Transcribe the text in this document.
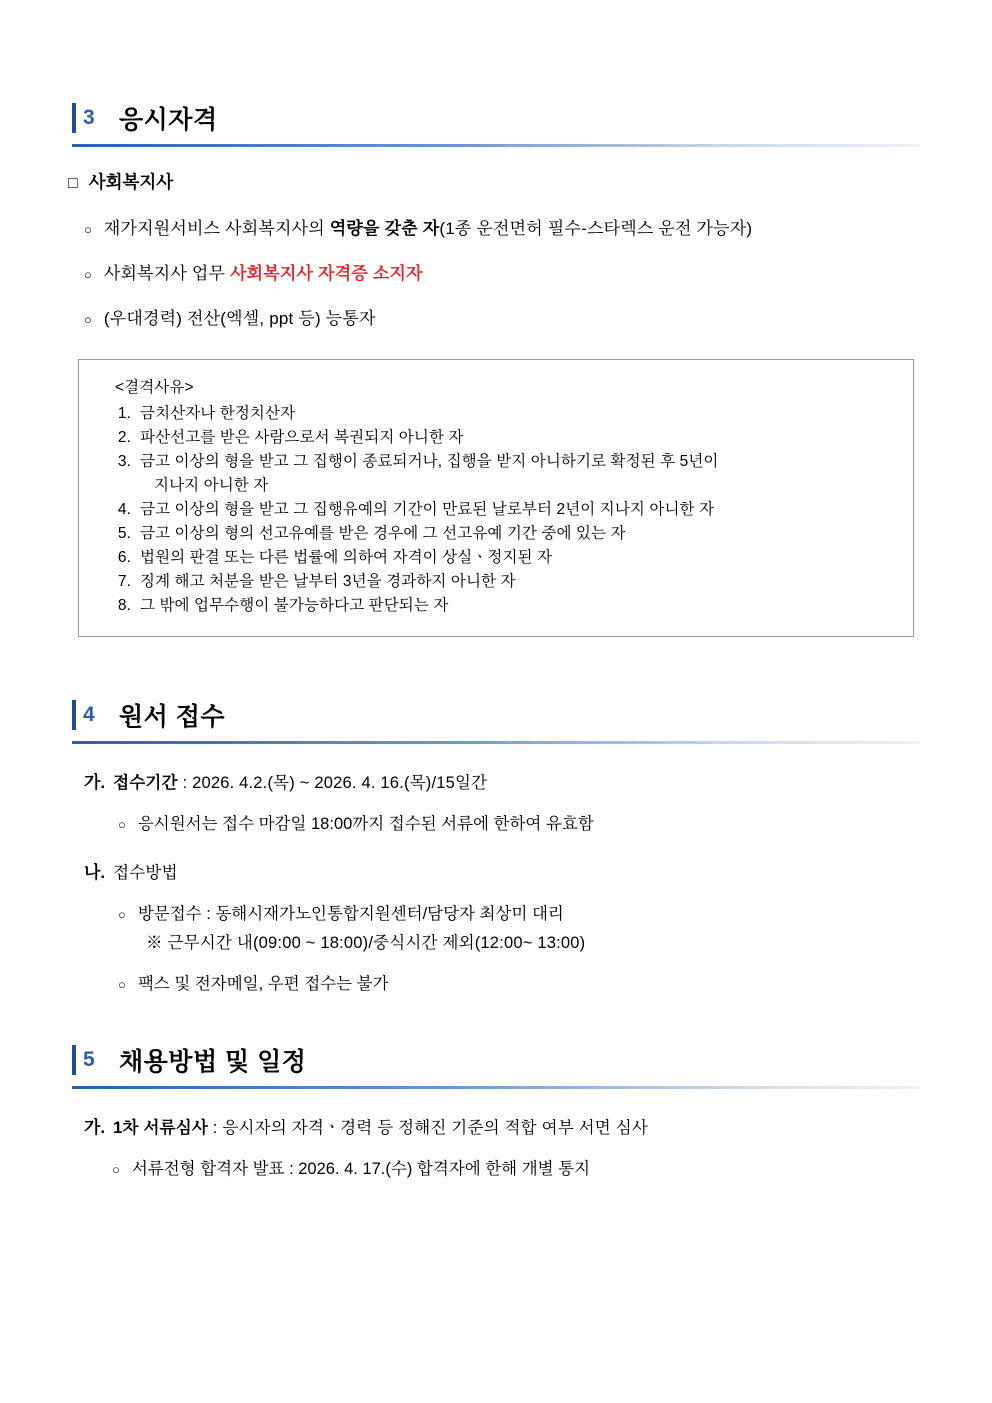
3 응시자격
□ 사회복지사
○ 재가지원서비스 사회복지사의 역량을 갖춘 자(1종 운전면허 필수-스타렉스 운전 가능자)
○ 사회복지사 업무 사회복지사 자격증 소지자
○ (우대경력) 전산(엑셀, ppt 등) 능통자
<결격사유>
1. 금치산자나 한정치산자
2. 파산선고를 받은 사람으로서 복권되지 아니한 자
3. 금고 이상의 형을 받고 그 집행이 종료되거나, 집행을 받지 아니하기로 확정된 후 5년이
지나지 아니한 자
4. 금고 이상의 형을 받고 그 집행유예의 기간이 만료된 날로부터 2년이 지나지 아니한 자
5. 금고 이상의 형의 선고유예를 받은 경우에 그 선고유예 기간 중에 있는 자
6. 법원의 판결 또는 다른 법률에 의하여 자격이 상실ㆍ정지된 자
7. 징계 해고 처분을 받은 날부터 3년을 경과하지 아니한 자
8. 그 밖에 업무수행이 불가능하다고 판단되는 자
4 원서 접수
가. 접수기간 : 2026. 4.2.(목) ~ 2026. 4. 16.(목)/15일간
○ 응시원서는 접수 마감일 18:00까지 접수된 서류에 한하여 유효함
나. 접수방법
○ 방문접수 : 동해시재가노인통합지원센터/담당자 최상미 대리
※ 근무시간 내(09:00 ~ 18:00)/중식시간 제외(12:00~ 13:00)
○ 팩스 및 전자메일, 우편 접수는 불가
5 채용방법 및 일정
가. 1차 서류심사 : 응시자의 자격ㆍ경력 등 정해진 기준의 적합 여부 서면 심사
○ 서류전형 합격자 발표 : 2026. 4. 17.(수) 합격자에 한해 개별 통지
